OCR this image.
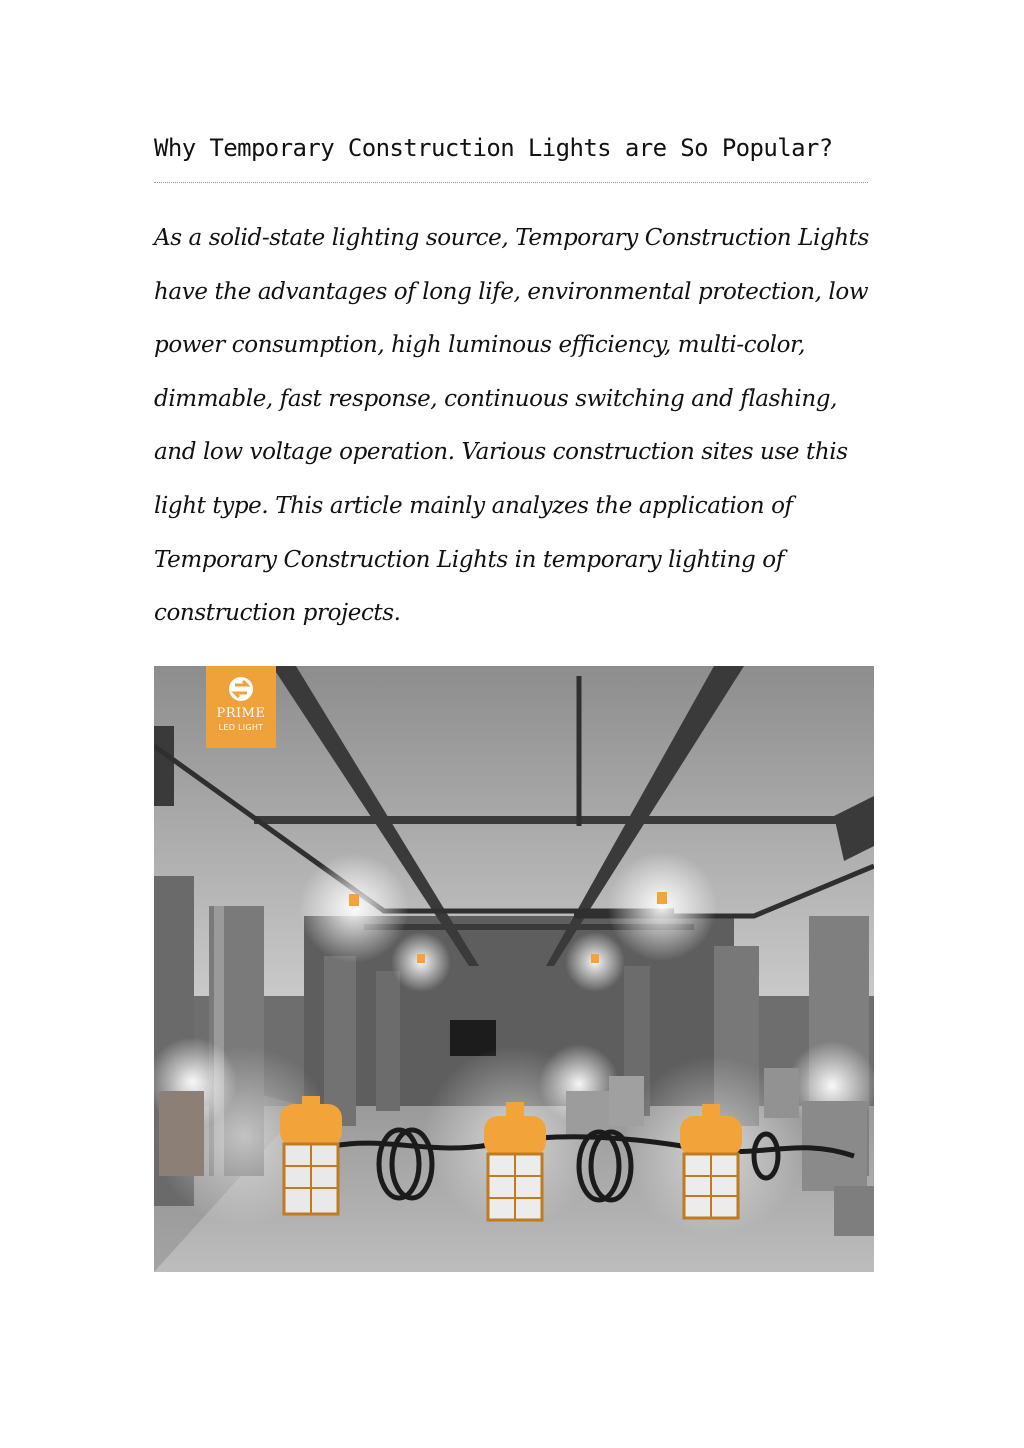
Why Temporary Construction Lights are So Popular?

As a solid-state lighting source, Temporary Construction Lights have the advantages of long life, environmental protection, low power consumption, high luminous efficiency, multi-color, dimmable, fast response, continuous switching and flashing, and low voltage operation. Various construction sites use this light type. This article mainly analyzes the application of Temporary Construction Lights in temporary lighting of construction projects.

PRIME
LED LIGHT
